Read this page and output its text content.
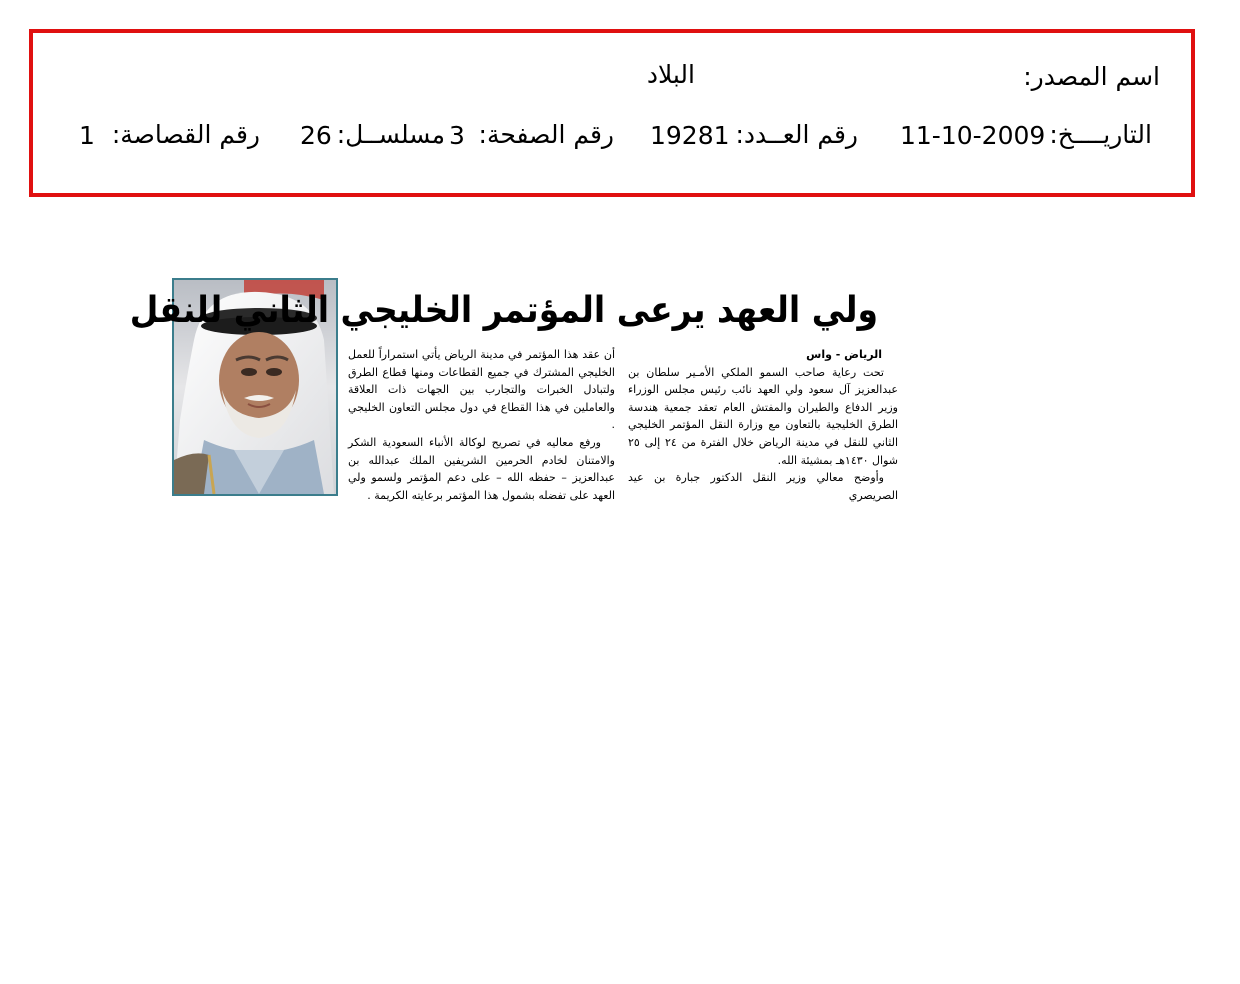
اسم المصدر:
البلاد
التاريــــخ:
11-10-2009
رقم العــدد:
19281
رقم الصفحة:
3
مسلســل:
26
رقم القصاصة:
1
ولي العهد يرعى المؤتمر الخليجي الثاني للنقل

الرياض - واس

تحت رعاية صاحب السمو الملكي الأمـير سلطان بن عبدالعزيز آل سعود ولي العهد نائب رئيس مجلس الوزراء وزير الدفاع والطيران والمفتش العام تعقد جمعية هندسة الطرق الخليجية بالتعاون مع وزارة النقل المؤتمر الخليجي الثاني للنقل في مدينة الرياض خلال الفترة من ٢٤ إلى ٢٥ شوال ١٤٣٠هـ بمشيئة الله.

وأوضح معالي وزير النقل الدكتور جبارة بن عيد الصريصري

أن عقد هذا المؤتمر في مدينة الرياض يأتي استمراراً للعمل الخليجي المشترك في جميع القطاعات ومنها قطاع الطرق ولتبادل الخبرات والتجارب بين الجهات ذات العلاقة والعاملين في هذا القطاع في دول مجلس التعاون الخليجي .

ورفع معاليه في تصريح لوكالة الأنباء السعودية الشكر والامتنان لخادم الحرمين الشريفين الملك عبدالله بن عبدالعزيز – حفظه الله – على دعم المؤتمر ولسمو ولي العهد على تفضله بشمول هذا المؤتمر برعايته الكريمة .
